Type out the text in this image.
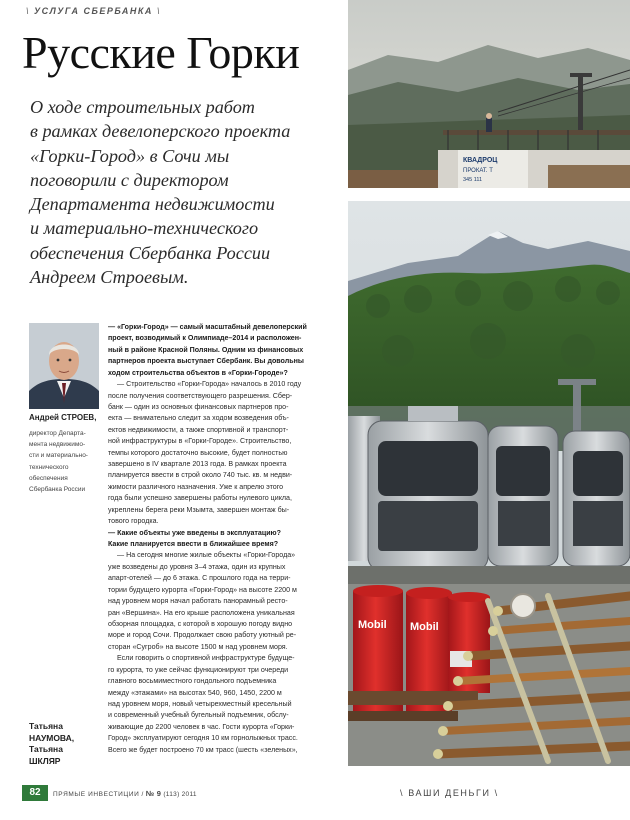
\ УСЛУГА СБЕРБАНКА \
Русские Горки
О ходе строительных работ
в рамках девелоперского проекта
«Горки-Город» в Сочи мы
поговорили с директором
Департамента недвижимости
и материально-технического
обеспечения Сбербанка России
Андреем Строевым.
КВАДРОЦ
ПРОКАТ. Т
345 111
Mobil Mobil
Андрей СТРОЕВ,
директор Департа-
мента недвижимо-
сти и материально-
технического
обеспечения
Сбербанка России
Татьяна
НАУМОВА,
Татьяна
ШКЛЯР
— «Горки-Город» — самый масштабный девелоперский
проект, возводимый к Олимпиаде–2014 и расположен-
ный в районе Красной Поляны. Одним из финансовых
партнеров проекта выступает Сбербанк. Вы довольны
ходом строительства объектов в «Горки-Городе»?
— Строительство «Горки-Города» началось в 2010 году
после получения соответствующего разрешения. Сбер-
банк — один из основных финансовых партнеров про-
екта — внимательно следит за ходом возведения объ-
ектов недвижимости, а также спортивной и транспорт-
ной инфраструктуры в «Горки-Городе». Строительство,
темпы которого достаточно высокие, будет полностью
завершено в IV квартале 2013 года. В рамках проекта
планируется ввести в строй около 740 тыс. кв. м недви-
жимости различного назначения. Уже к апрелю этого
года были успешно завершены работы нулевого цикла,
укреплены берега реки Мзымта, завершен монтаж бы-
тового городка.
— Какие объекты уже введены в эксплуатацию?
Какие планируется ввести в ближайшее время?
— На сегодня многие жилые объекты «Горки-Города»
уже возведены до уровня 3–4 этажа, один из крупных
апарт-отелей — до 6 этажа. С прошлого года на терри-
тории будущего курорта «Горки-Город» на высоте 2200 м
над уровнем моря начал работать панорамный ресто-
ран «Вершина». На его крыше расположена уникальная
обзорная площадка, с которой в хорошую погоду видно
море и город Сочи. Продолжает свою работу уютный ре-
сторан «Сугроб» на высоте 1500 м над уровнем моря.
Если говорить о спортивной инфраструктуре будуще-
го курорта, то уже сейчас функционируют три очереди
главного восьмиместного гондольного подъемника
между «этажами» на высотах 540, 960, 1450, 2200 м
над уровнем моря, новый четырехместный кресельный
и современный учебный бугельный подъемник, обслу-
живающие до 2200 человек в час. Гости курорта «Горки-
Город» эксплуатируют сегодня 10 км горнолыжных трасс.
Всего же будет построено 70 км трасс (шесть «зеленых»,
82	ПРЯМЫЕ ИНВЕСТИЦИИ / № 9 (113) 2011	\ ВАШИ ДЕНЬГИ \
